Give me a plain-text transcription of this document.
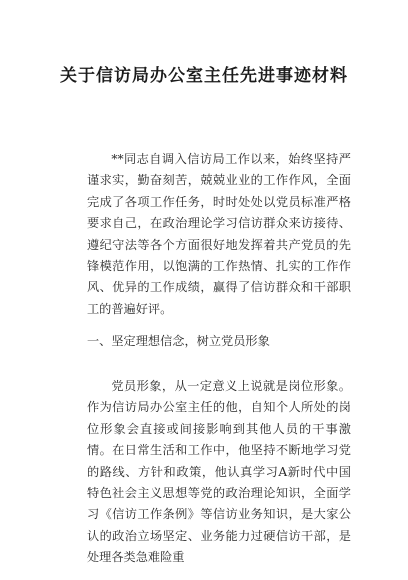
关于信访局办公室主任先进事迹材料

**同志自调入信访局工作以来，始终坚持严谨求实，勤奋刻苦，兢兢业业的工作作风，全面完成了各项工作任务，时时处处以党员标准严格要求自己，在政治理论学习信访群众来访接待、遵纪守法等各个方面很好地发挥着共产党员的先锋模范作用，以饱满的工作热情、扎实的工作作风、优异的工作成绩，赢得了信访群众和干部职工的普遍好评。

一、坚定理想信念，树立党员形象

党员形象，从一定意义上说就是岗位形象。作为信访局办公室主任的他，自知个人所处的岗位形象会直接或间接影响到其他人员的干事激情。在日常生活和工作中，他坚持不断地学习党的路线、方针和政策，他认真学习A新时代中国特色社会主义思想等党的政治理论知识，全面学习《信访工作条例》等信访业务知识，是大家公认的政治立场坚定、业务能力过硬信访干部，是处理各类急难险重
